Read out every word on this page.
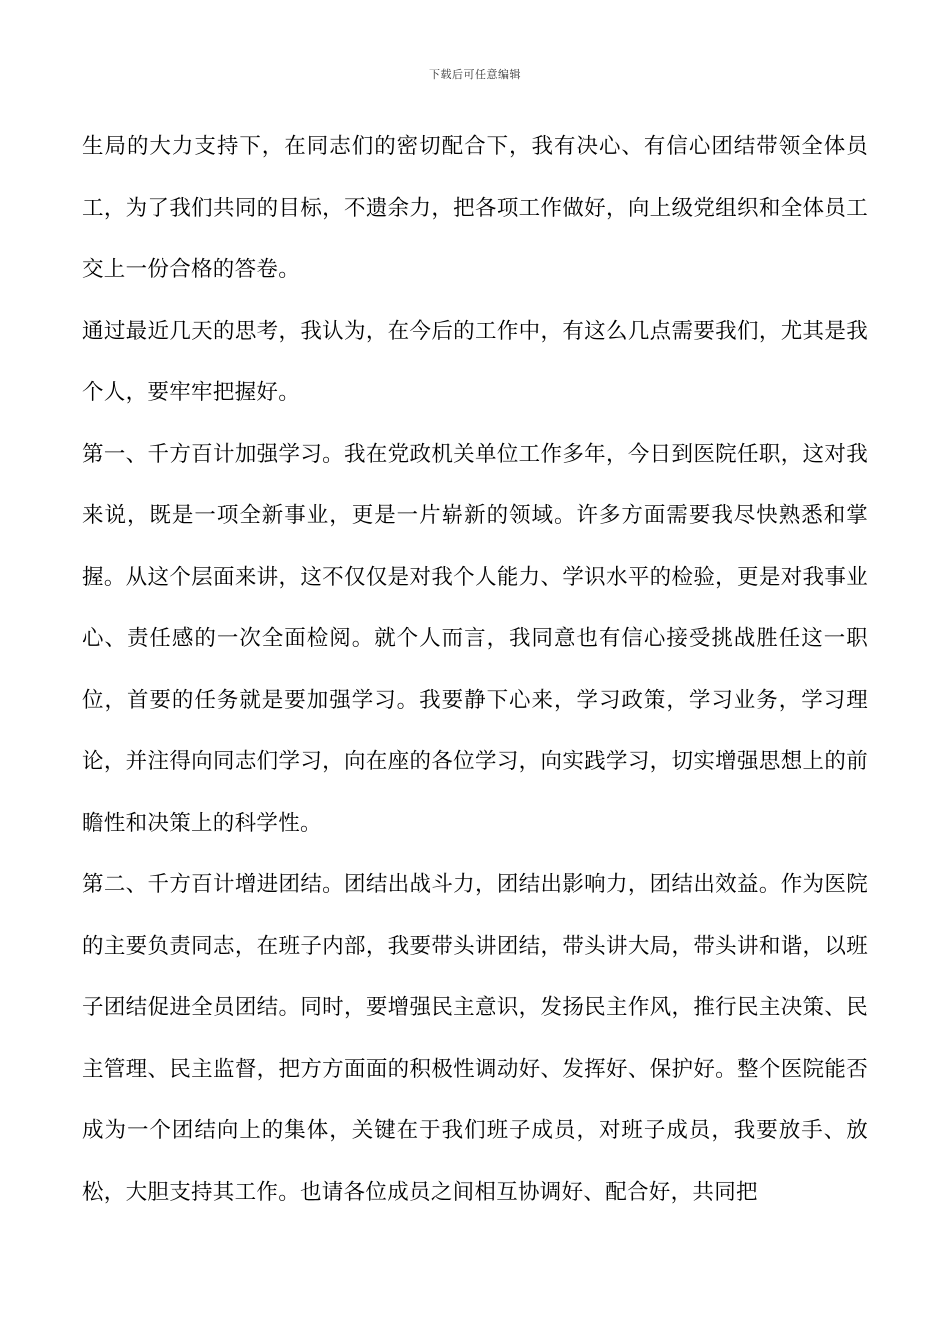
下载后可任意编辑

生局的大力支持下，在同志们的密切配合下，我有决心、有信心团结带领全体员工，为了我们共同的目标，不遗余力，把各项工作做好，向上级党组织和全体员工交上一份合格的答卷。

通过最近几天的思考，我认为，在今后的工作中，有这么几点需要我们，尤其是我个人，要牢牢把握好。

第一、千方百计加强学习。我在党政机关单位工作多年，今日到医院任职，这对我来说，既是一项全新事业，更是一片崭新的领域。许多方面需要我尽快熟悉和掌握。从这个层面来讲，这不仅仅是对我个人能力、学识水平的检验，更是对我事业心、责任感的一次全面检阅。就个人而言，我同意也有信心接受挑战胜任这一职位，首要的任务就是要加强学习。我要静下心来，学习政策，学习业务，学习理论，并注得向同志们学习，向在座的各位学习，向实践学习，切实增强思想上的前瞻性和决策上的科学性。

第二、千方百计增进团结。团结出战斗力，团结出影响力，团结出效益。作为医院的主要负责同志，在班子内部，我要带头讲团结，带头讲大局，带头讲和谐，以班子团结促进全员团结。同时，要增强民主意识，发扬民主作风，推行民主决策、民主管理、民主监督，把方方面面的积极性调动好、发挥好、保护好。整个医院能否成为一个团结向上的集体，关键在于我们班子成员，对班子成员，我要放手、放松，大胆支持其工作。也请各位成员之间相互协调好、配合好，共同把
